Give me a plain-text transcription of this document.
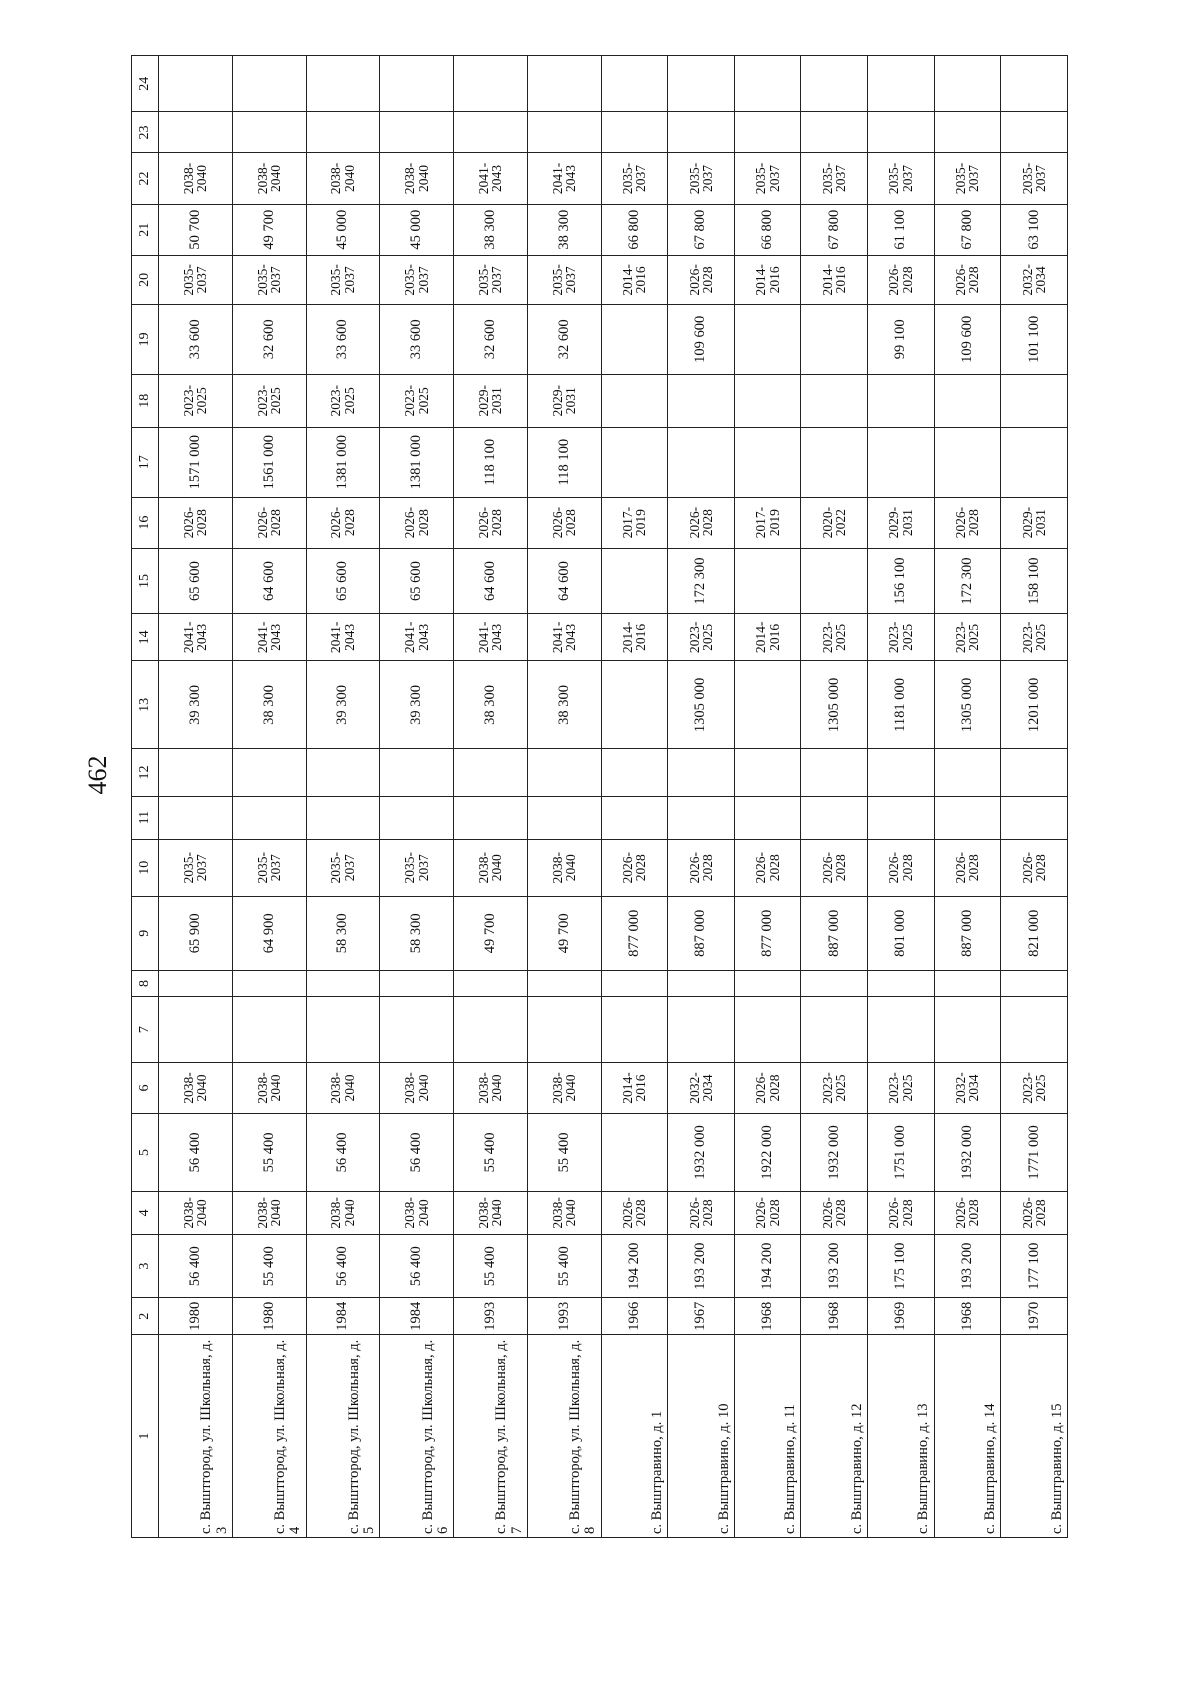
462
1	2	3	4	5	6	7	8	9	10	11	12	13	14	15	16	17	18	19	20	21	22	23	24
с. Выштгород, ул. Школьная, д. 3	1980	56 400	2038-2040	56 400	2038-2040			65 900	2035-2037			39 300	2041-2043	65 600	2026-2028	1571 000	2023-2025	33 600	2035-2037	50 700	2038-2040		
с. Выштгород, ул. Школьная, д. 4	1980	55 400	2038-2040	55 400	2038-2040			64 900	2035-2037			38 300	2041-2043	64 600	2026-2028	1561 000	2023-2025	32 600	2035-2037	49 700	2038-2040		
с. Выштгород, ул. Школьная, д. 5	1984	56 400	2038-2040	56 400	2038-2040			58 300	2035-2037			39 300	2041-2043	65 600	2026-2028	1381 000	2023-2025	33 600	2035-2037	45 000	2038-2040		
с. Выштгород, ул. Школьная, д. 6	1984	56 400	2038-2040	56 400	2038-2040			58 300	2035-2037			39 300	2041-2043	65 600	2026-2028	1381 000	2023-2025	33 600	2035-2037	45 000	2038-2040		
с. Выштгород, ул. Школьная, д. 7	1993	55 400	2038-2040	55 400	2038-2040			49 700	2038-2040			38 300	2041-2043	64 600	2026-2028	118 100	2029-2031	32 600	2035-2037	38 300	2041-2043		
с. Выштгород, ул. Школьная, д. 8	1993	55 400	2038-2040	55 400	2038-2040			49 700	2038-2040			38 300	2041-2043	64 600	2026-2028	118 100	2029-2031	32 600	2035-2037	38 300	2041-2043		
с. Выштравино, д. 1	1966	194 200	2026-2028		2014-2016			877 000	2026-2028				2014-2016		2017-2019				2014-2016	66 800	2035-2037		
с. Выштравино, д. 10	1967	193 200	2026-2028	1932 000	2032-2034			887 000	2026-2028			1305 000	2023-2025	172 300	2026-2028			109 600	2026-2028	67 800	2035-2037		
с. Выштравино, д. 11	1968	194 200	2026-2028	1922 000	2026-2028			877 000	2026-2028				2014-2016		2017-2019				2014-2016	66 800	2035-2037		
с. Выштравино, д. 12	1968	193 200	2026-2028	1932 000	2023-2025			887 000	2026-2028			1305 000	2023-2025		2020-2022				2014-2016	67 800	2035-2037		
с. Выштравино, д. 13	1969	175 100	2026-2028	1751 000	2023-2025			801 000	2026-2028			1181 000	2023-2025	156 100	2029-2031			99 100	2026-2028	61 100	2035-2037		
с. Выштравино, д. 14	1968	193 200	2026-2028	1932 000	2032-2034			887 000	2026-2028			1305 000	2023-2025	172 300	2026-2028			109 600	2026-2028	67 800	2035-2037		
с. Выштравино, д. 15	1970	177 100	2026-2028	1771 000	2023-2025			821 000	2026-2028			1201 000	2023-2025	158 100	2029-2031			101 100	2032-2034	63 100	2035-2037		
